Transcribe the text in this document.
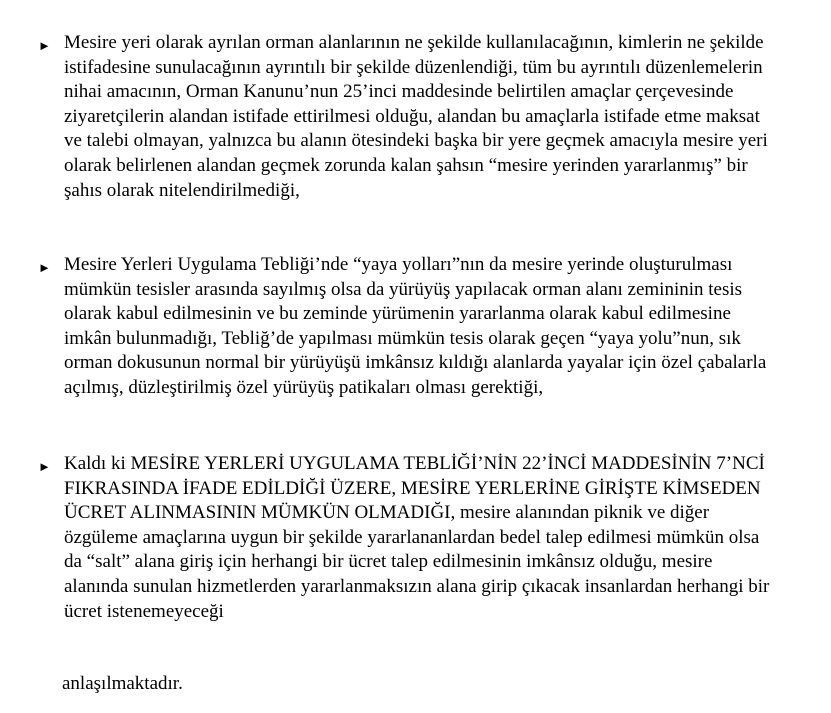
► Mesire yeri olarak ayrılan orman alanlarının ne şekilde kullanılacağının, kimlerin ne şekilde istifadesine sunulacağının ayrıntılı bir şekilde düzenlendiği, tüm bu ayrıntılı düzenlemelerin nihai amacının, Orman Kanunu’nun 25’inci maddesinde belirtilen amaçlar çerçevesinde ziyaretçilerin alandan istifade ettirilmesi olduğu, alandan bu amaçlarla istifade etme maksat ve talebi olmayan, yalnızca bu alanın ötesindeki başka bir yere geçmek amacıyla mesire yeri olarak belirlenen alandan geçmek zorunda kalan şahsın “mesire yerinden yararlanmış” bir şahıs olarak nitelendirilmediği,
► Mesire Yerleri Uygulama Tebliği’nde “yaya yolları”nın da mesire yerinde oluşturulması mümkün tesisler arasında sayılmış olsa da yürüyüş yapılacak orman alanı zemininin tesis olarak kabul edilmesinin ve bu zeminde yürümenin yararlanma olarak kabul edilmesine imkân bulunmadığı, Tebliğ’de yapılması mümkün tesis olarak geçen “yaya yolu”nun, sık orman dokusunun normal bir yürüyüşü imkânsız kıldığı alanlarda yayalar için özel çabalarla açılmış, düzleştirilmiş özel yürüyüş patikaları olması gerektiği,
► Kaldı ki MESİRE YERLERİ UYGULAMA TEBLİĞİ’NİN 22’İNCİ MADDESİNİN 7’NCİ FIKRASINDA İFADE EDİLDİĞİ ÜZERE, MESİRE YERLERİNE GİRİŞTE KİMSEDEN ÜCRET ALINMASININ MÜMKÜN OLMADIĞI, mesire alanından piknik ve diğer özgüleme amaçlarına uygun bir şekilde yararlananlardan bedel talep edilmesi mümkün olsa da “salt” alana giriş için herhangi bir ücret talep edilmesinin imkânsız olduğu, mesire alanında sunulan hizmetlerden yararlanmaksızın alana girip çıkacak insanlardan herhangi bir ücret istenemeyeceği
anlaşılmaktadır.
